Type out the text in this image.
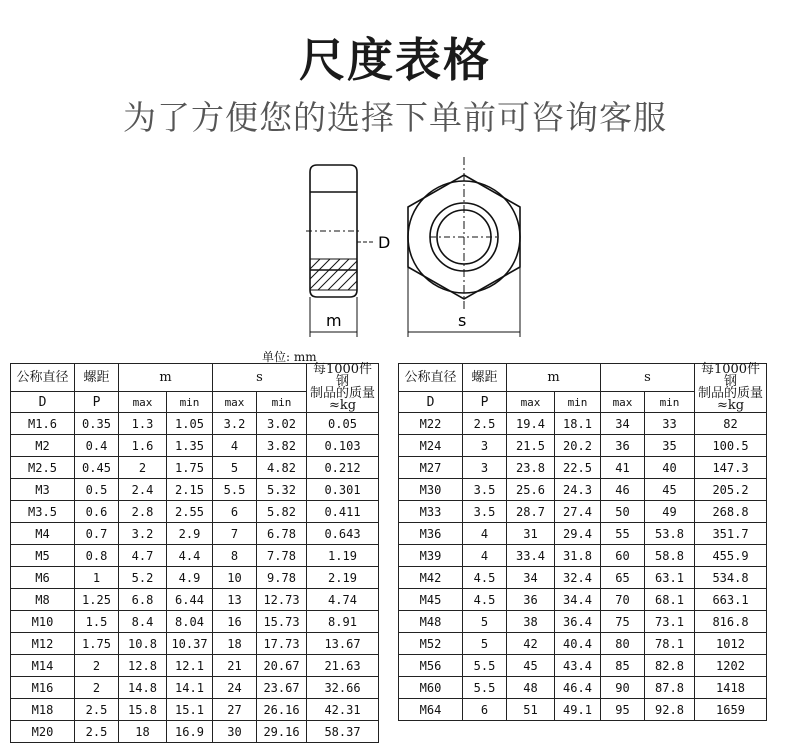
尺度表格
为了方便您的选择下单前可咨询客服
D
m	s
单位: mm
公称直径	螺距	m		s		每1000件钢
制品的质量
≈kg

D	P	max	min	max	min	
M1.6	0.35	1.3	1.05	3.2	3.02	0.05
M2	0.4	1.6	1.35	4	3.82	0.103
M2.5	0.45	2	1.75	5	4.82	0.212
M3	0.5	2.4	2.15	5.5	5.32	0.301
M3.5	0.6	2.8	2.55	6	5.82	0.411
M4	0.7	3.2	2.9	7	6.78	0.643
M5	0.8	4.7	4.4	8	7.78	1.19
M6	1	5.2	4.9	10	9.78	2.19
M8	1.25	6.8	6.44	13	12.73	4.74
M10	1.5	8.4	8.04	16	15.73	8.91
M12	1.75	10.8	10.37	18	17.73	13.67
M14	2	12.8	12.1	21	20.67	21.63
M16	2	14.8	14.1	24	23.67	32.66
M18	2.5	15.8	15.1	27	26.16	42.31
M20	2.5	18	16.9	30	29.16	58.37
公称直径	螺距	m		s		每1000件钢
制品的质量
≈kg

D	P	max	min	max	min	
M22	2.5	19.4	18.1	34	33	82
M24	3	21.5	20.2	36	35	100.5
M27	3	23.8	22.5	41	40	147.3
M30	3.5	25.6	24.3	46	45	205.2
M33	3.5	28.7	27.4	50	49	268.8
M36	4	31	29.4	55	53.8	351.7
M39	4	33.4	31.8	60	58.8	455.9
M42	4.5	34	32.4	65	63.1	534.8
M45	4.5	36	34.4	70	68.1	663.1
M48	5	38	36.4	75	73.1	816.8
M52	5	42	40.4	80	78.1	1012
M56	5.5	45	43.4	85	82.8	1202
M60	5.5	48	46.4	90	87.8	1418
M64	6	51	49.1	95	92.8	1659
